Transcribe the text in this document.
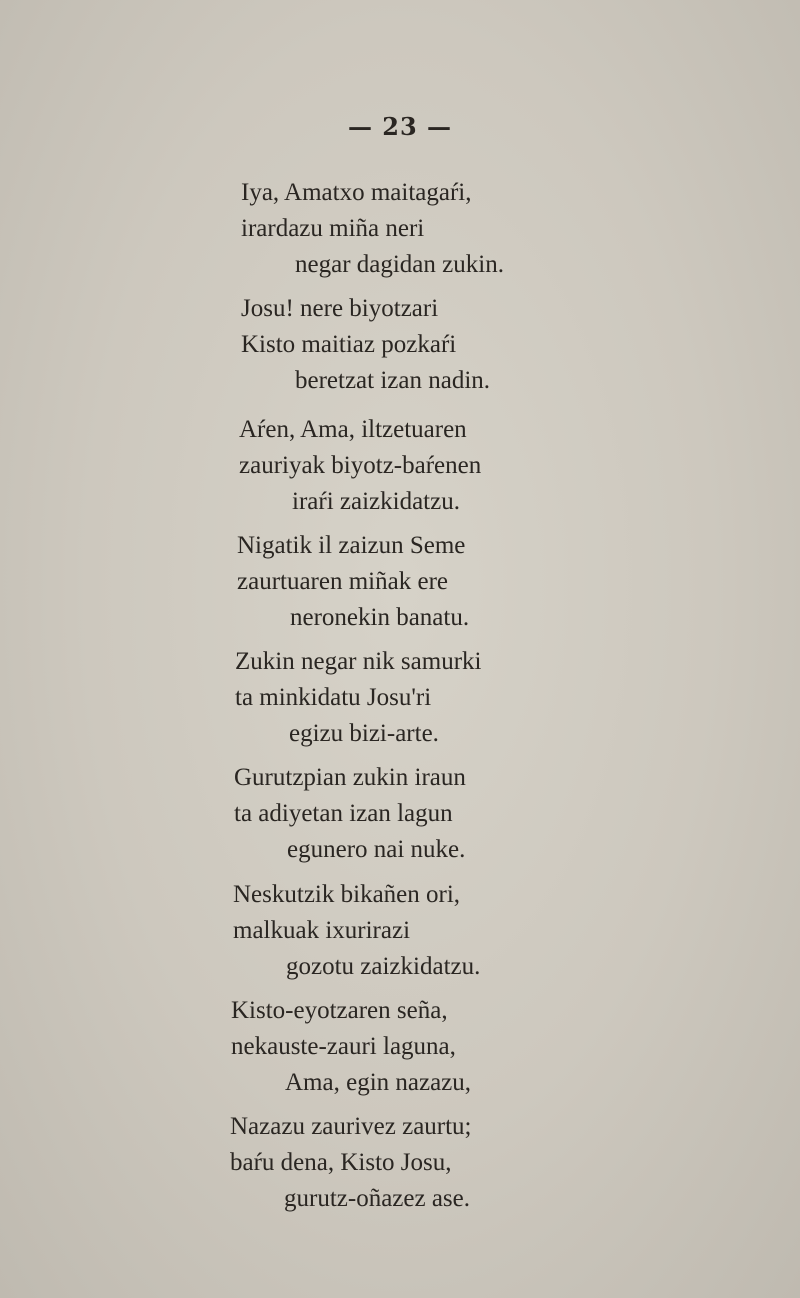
— 23 —
Iya, Amatxo maitagaŕi,
irardazu miña neri
negar dagidan zukin.
Josu! nere biyotzari
Kisto maitiaz pozkaŕi
beretzat izan nadin.
Aŕen, Ama, iltzetuaren
zauriyak biyotz-baŕenen
iraŕi zaizkidatzu.
Nigatik il zaizun Seme
zaurtuaren miñak ere
neronekin banatu.
Zukin negar nik samurki
ta minkidatu Josu'ri
egizu bizi-arte.
Gurutzpian zukin iraun
ta adiyetan izan lagun
egunero nai nuke.
Neskutzik bikañen ori,
malkuak ixurirazi
gozotu zaizkidatzu.
Kisto-eyotzaren seña,
nekauste-zauri laguna,
Ama, egin nazazu,
Nazazu zaurivez zaurtu;
baŕu dena, Kisto Josu,
gurutz-oñazez ase.
